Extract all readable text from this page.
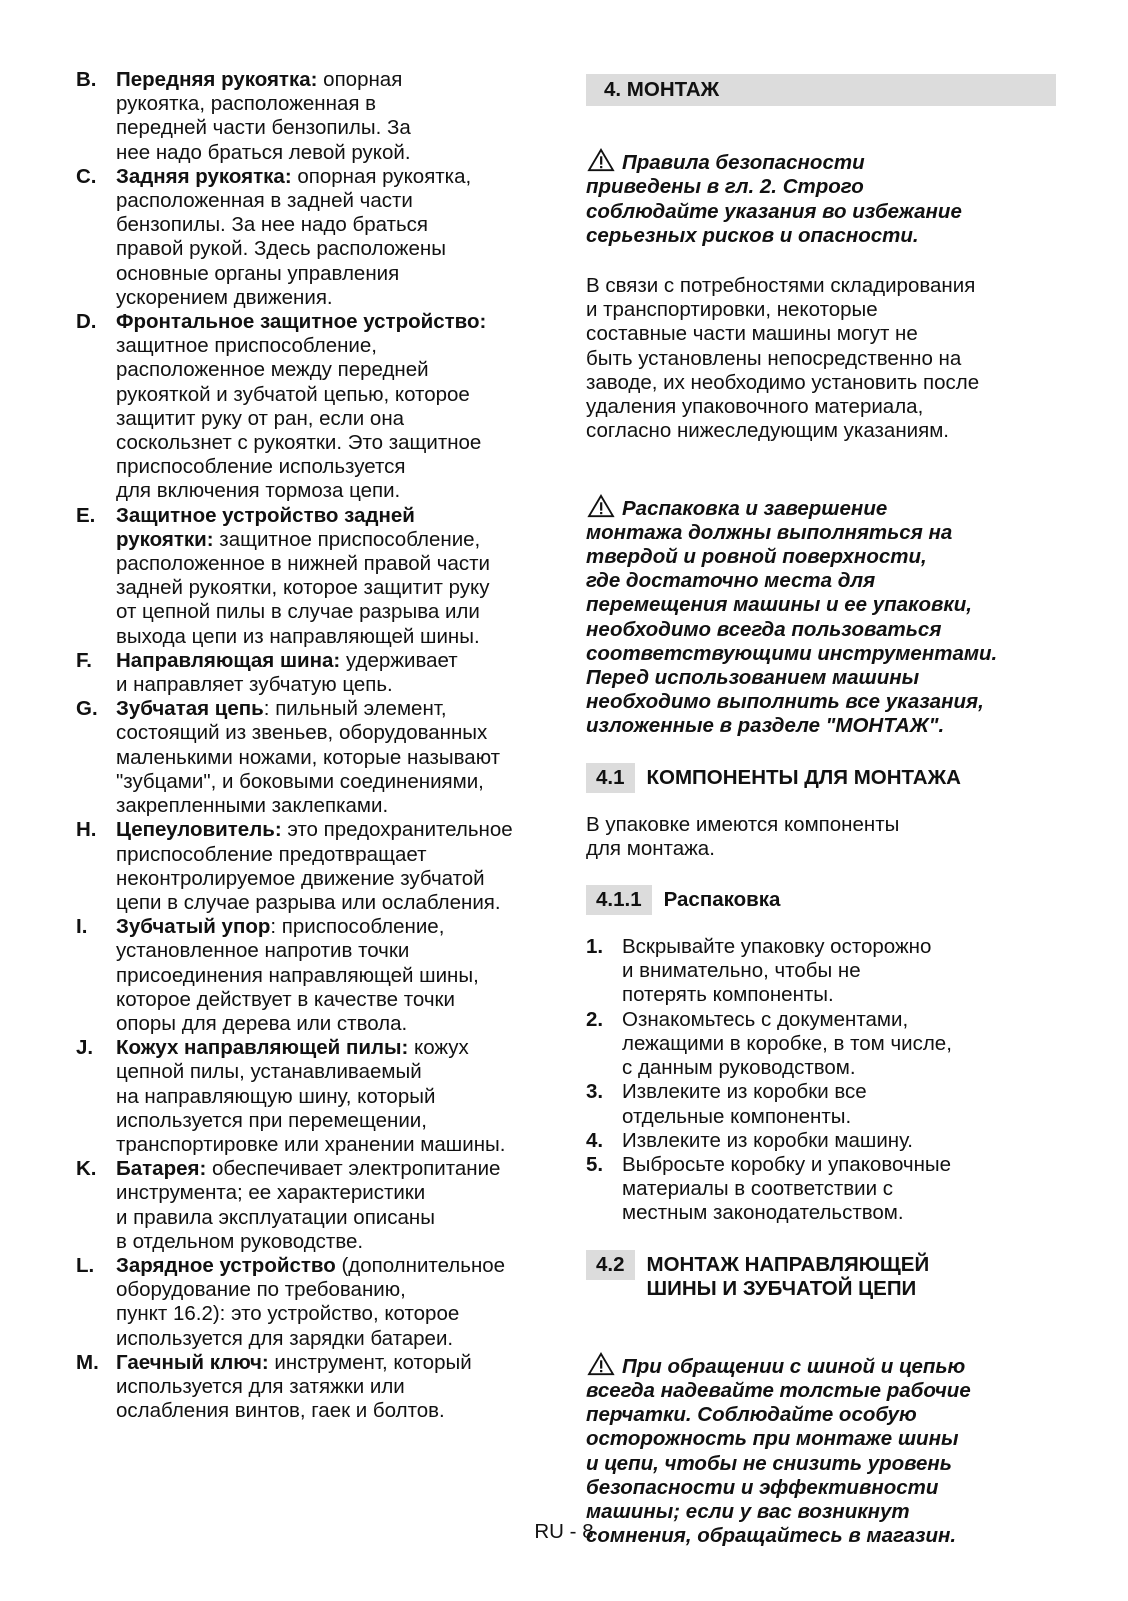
B. Передняя рукоятка: опорная
рукоятка, расположенная в
передней части бензопилы. За
нее надо браться левой рукой.
C. Задняя рукоятка: опорная рукоятка,
расположенная в задней части
бензопилы. За нее надо браться
правой рукой. Здесь расположены
основные органы управления
ускорением движения.
D. Фронтальное защитное устройство:
защитное приспособление,
расположенное между передней
рукояткой и зубчатой цепью, которое
защитит руку от ран, если она
соскользнет с рукоятки. Это защитное
приспособление используется
для включения тормоза цепи.
E.	Защитное устройство задней
рукоятки: защитное приспособление,
расположенное в нижней правой части
задней рукоятки, которое защитит руку
от цепной пилы в случае разрыва или
выхода цепи из направляющей шины.
F.	Направляющая шина: удерживает
и направляет зубчатую цепь.
G. Зубчатая цепь: пильный элемент,
состоящий из звеньев, оборудованных
маленькими ножами, которые называют
"зубцами", и боковыми соединениями,
закрепленными заклепками.
H. Цепеуловитель: это предохранительное
приспособление предотвращает
неконтролируемое движение зубчатой
цепи в случае разрыва или ослабления.
I.	Зубчатый упор: приспособление,
установленное напротив точки
присоединения направляющей шины,
которое действует в качестве точки
опоры для дерева или ствола.
J.	Кожух направляющей пилы: кожух
цепной пилы, устанавливаемый
на направляющую шину, который
используется при перемещении,
транспортировке или хранении машины.
K. Батарея: обеспечивает электропитание
инструмента; ее характеристики
и правила эксплуатации описаны
в отдельном руководстве.
L.	Зарядное устройство (дополнительное
оборудование по требованию,
пункт 16.2): это устройство, которое
используется для зарядки батареи.
M. Гаечный ключ: инструмент, который
используется для затяжки или
ослабления винтов, гаек и болтов.
4. МОНТАЖ

Правила безопасности
приведены в гл. 2. Строго
соблюдайте указания во избежание
серьезных рисков и опасности.

В связи с потребностями складирования
и транспортировки, некоторые
составные части машины могут не
быть установлены непосредственно на
заводе, их необходимо установить после
удаления упаковочного материала,
согласно нижеследующим указаниям.

Распаковка и завершение
монтажа должны выполняться на
твердой и ровной поверхности,
где достаточно места для
перемещения машины и ее упаковки,
необходимо всегда пользоваться
соответствующими инструментами.
Перед использованием машины
необходимо выполнить все указания,
изложенные в разделе "МОНТАЖ".

4.1	КОМПОНЕНТЫ ДЛЯ МОНТАЖА
В упаковке имеются компоненты
для монтажа.
4.1.1	Распаковка
1. Вскрывайте упаковку осторожно
и внимательно, чтобы не
потерять компоненты.
2. Ознакомьтесь с документами,
лежащими в коробке, в том числе,
с данным руководством.
3. Извлеките из коробки все
отдельные компоненты.
4. Извлеките из коробки машину.
5. Выбросьте коробку и упаковочные
материалы в соответствии с
местным законодательством.
4.2	МОНТАЖ НАПРАВЛЯЮЩЕЙ
ШИНЫ И ЗУБЧАТОЙ ЦЕПИ

При обращении с шиной и цепью
всегда надевайте толстые рабочие
перчатки. Соблюдайте особую
осторожность при монтаже шины
и цепи, чтобы не снизить уровень
безопасности и эффективности
машины; если у вас возникнут
сомнения, обращайтесь в магазин.

RU - 8
